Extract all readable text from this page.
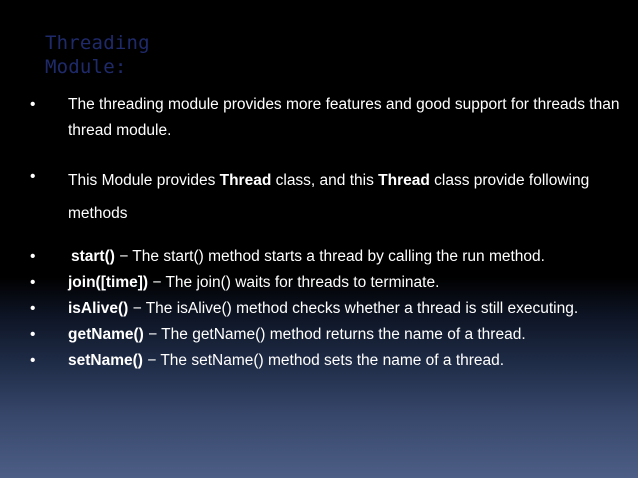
Threading
Module:
•	The threading module provides more features and good support for threads than thread module.
•	This Module provides Thread class, and this Thread class provide following methods
•	start() − The start() method starts a thread by calling the run method.
•	join([time]) − The join() waits for threads to terminate.
•	isAlive() − The isAlive() method checks whether a thread is still executing.
•	getName() − The getName() method returns the name of a thread.
•	setName() − The setName() method sets the name of a thread.
